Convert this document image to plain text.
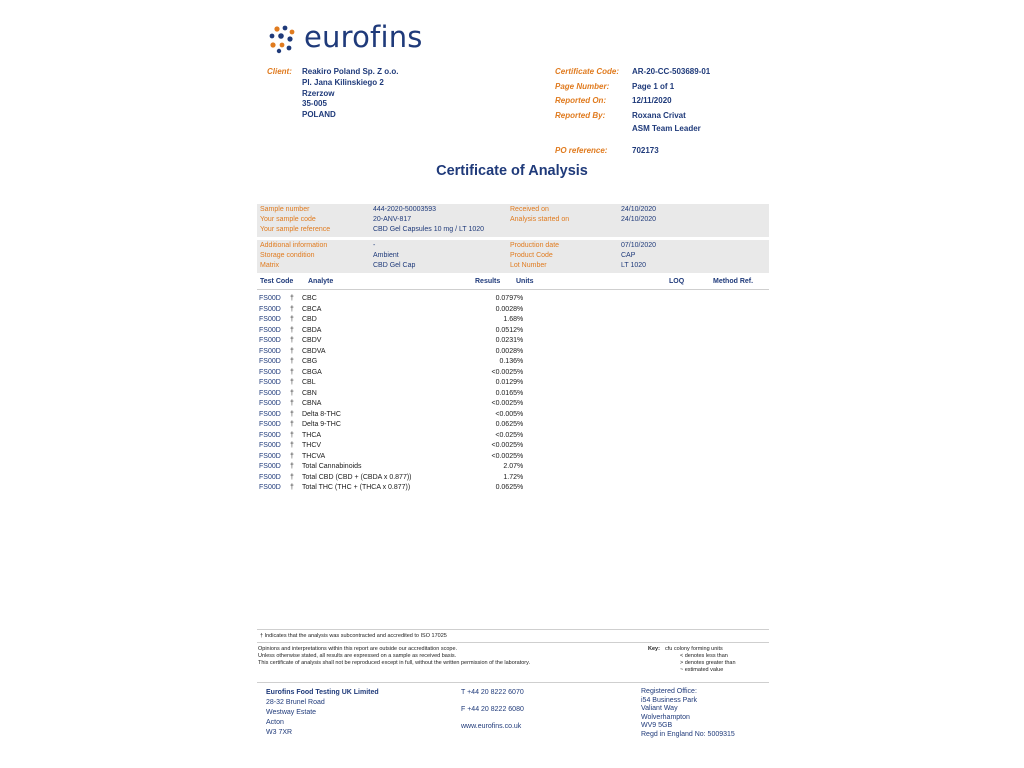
eurofins
Client: Reakiro Poland Sp. Z o.o.
Pl. Jana Kilinskiego 2
Rzerzow
35-005
POLAND
Certificate Code: AR-20-CC-503689-01
Page Number:	Page 1 of 1
Reported On:	12/11/2020
Reported By:	Roxana Crivat
ASM Team Leader
PO reference:	702173
Certificate of Analysis
Sample number	444-2020-50003593	Received on	24/10/2020
Your sample code	20-ANV-817	Analysis started on	24/10/2020
Your sample reference	CBD Gel Capsules 10 mg / LT 1020
Additional information	-	Production date	07/10/2020
Storage condition	Ambient	Product Code	CAP
Matrix	CBD Gel Cap	Lot Number	LT 1020
Test Code Analyte	Results Units	LOQ	Method Ref.
FS00D † CBC	0.0797 %
FS00D † CBCA	0.0028 %
FS00D † CBD	1.68 %
FS00D † CBDA	0.0512 %
FS00D † CBDV	0.0231 %
FS00D † CBDVA	0.0028 %
FS00D † CBG	0.136 %
FS00D † CBGA	<0.0025 %
FS00D † CBL	0.0129 %
FS00D † CBN	0.0165 %
FS00D † CBNA	<0.0025 %
FS00D † Delta 8-THC	<0.005 %
FS00D † Delta 9-THC	0.0625 %
FS00D † THCA	<0.025 %
FS00D † THCV	<0.0025 %
FS00D † THCVA	<0.0025 %
FS00D † Total Cannabinoids	2.07 %
FS00D † Total CBD (CBD + (CBDA x 0.877))	1.72 %
FS00D † Total THC (THC + (THCA x 0.877))	0.0625 %
† Indicates that the analysis was subcontracted and accredited to ISO 17025
Opinions and interpretations within this report are outside our accreditation scope.
Unless otherwise stated, all results are expressed on a sample as received basis.
This certificate of analysis shall not be reproduced except in full, without the written permission of the laboratory.
Key: cfu colony forming units
< denotes less than
> denotes greater than
~ estimated value
Eurofins Food Testing UK Limited
28-32 Brunel Road
Westway Estate
Acton
W3 7XR
T +44 20 8222 6070
F +44 20 8222 6080
www.eurofins.co.uk
Registered Office:
i54 Business Park
Valiant Way
Wolverhampton
WV9 5GB
Regd in England No: 5009315
